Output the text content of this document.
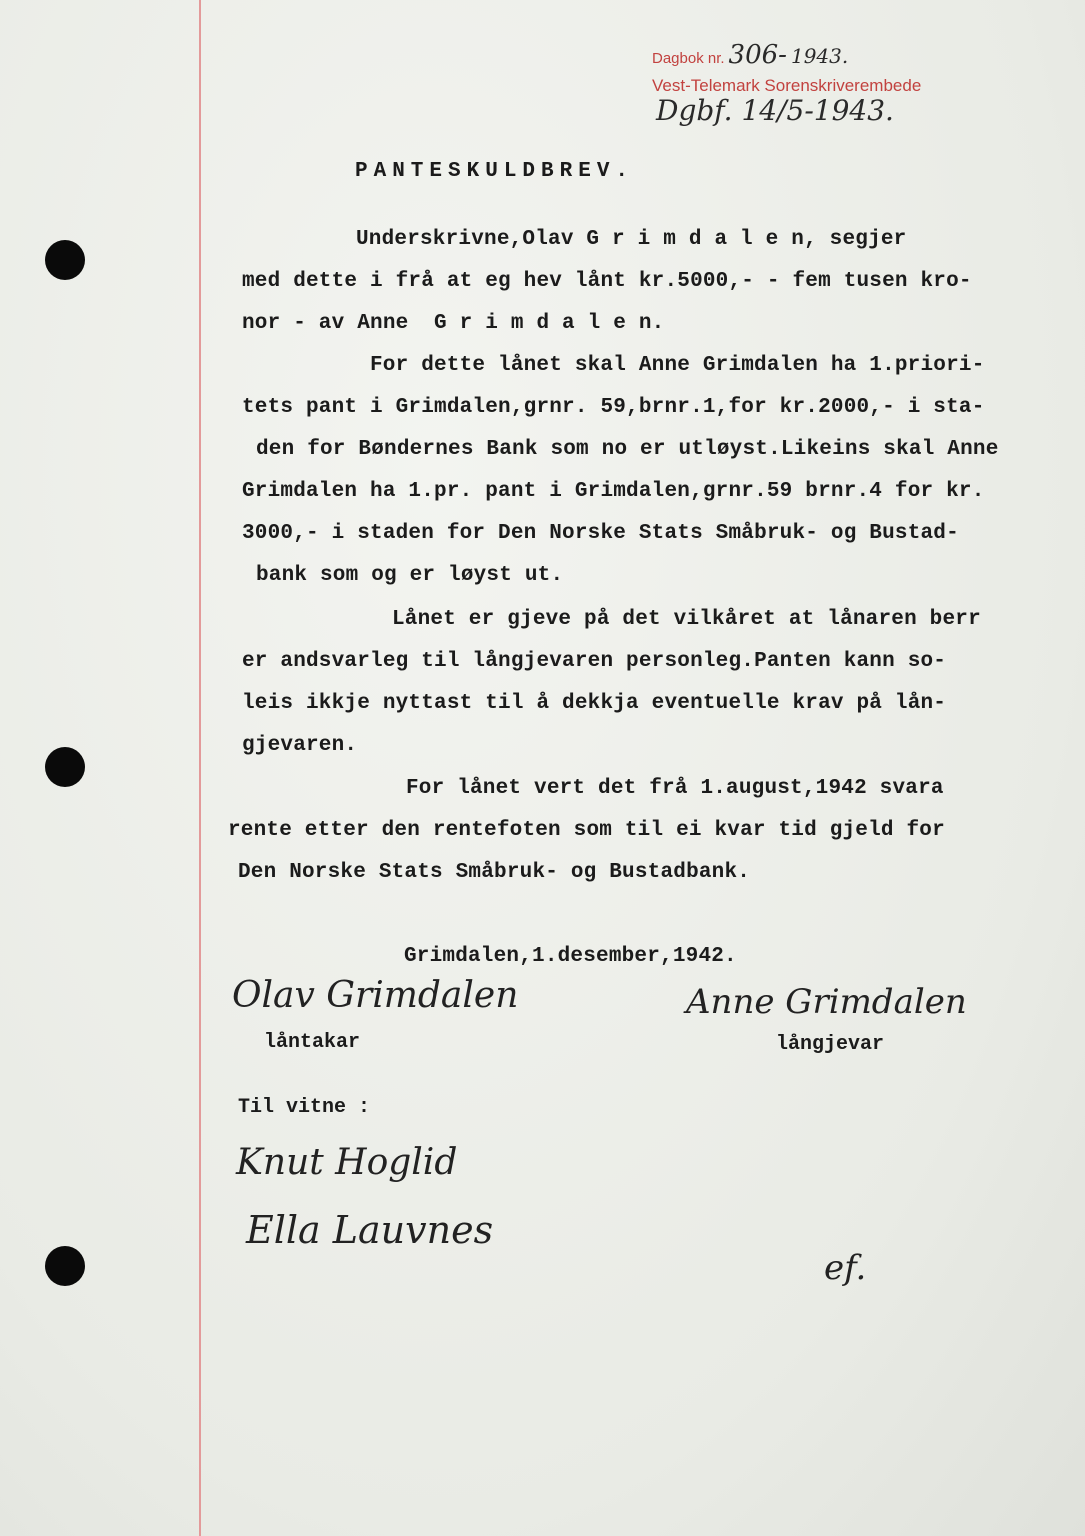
Dagbok nr. 306- 1943.
Vest-Telemark Sorenskriverembede
Dgbf. 14/5-1943.
PANTESKULDBREV.
Underskrivne,Olav G r i m d a l e n, segjer
med dette i frå at eg hev lånt kr.5000,- - fem tusen kro-
nor - av Anne  G r i m d a l e n.
For dette lånet skal Anne Grimdalen ha 1.priori-
tets pant i Grimdalen,grnr. 59,brnr.1,for kr.2000,- i sta-
den for Bøndernes Bank som no er utløyst.Likeins skal Anne
Grimdalen ha 1.pr. pant i Grimdalen,grnr.59 brnr.4 for kr.
3000,- i staden for Den Norske Stats Småbruk- og Bustad-
bank som og er løyst ut.
Lånet er gjeve på det vilkåret at lånaren berr
er andsvarleg til långjevaren personleg.Panten kann so-
leis ikkje nyttast til å dekkja eventuelle krav på lån-
gjevaren.
For lånet vert det frå 1.august,1942 svara
rente etter den rentefoten som til ei kvar tid gjeld for
Den Norske Stats Småbruk- og Bustadbank.
Grimdalen,1.desember,1942.
Olav Grimdalen
låntakar
Anne Grimdalen
långjevar
Til vitne :
Knut Hoglid
Ella Lauvnes
ef.
